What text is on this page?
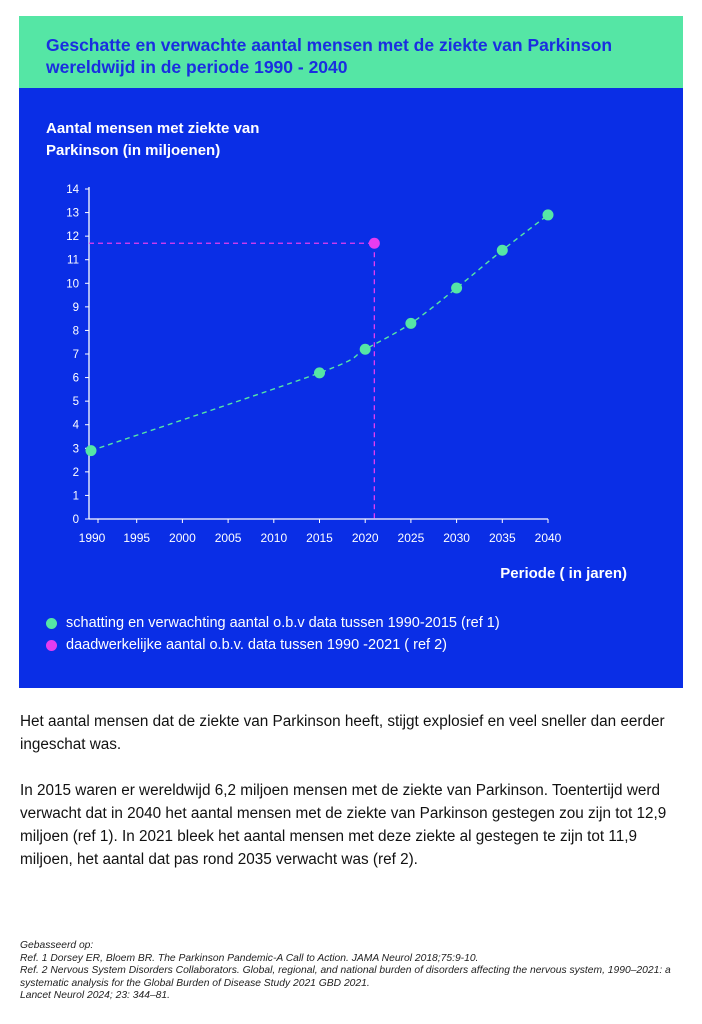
Geschatte en verwachte aantal mensen met de ziekte van Parkinson wereldwijd in de periode 1990 - 2040
Aantal mensen met ziekte van Parkinson (in miljoenen)
0
1
2
3
4
5
6
7
8
9
10
11
12
13
14
1990 1995 2000 2005 2010 2015 2020 2025 2030 2035 2040
Periode ( in jaren)
schatting en verwachting aantal o.b.v data tussen 1990-2015 (ref 1)
daadwerkelijke aantal o.b.v. data tussen 1990 -2021 ( ref 2)

Het aantal mensen dat de ziekte van Parkinson heeft, stijgt explosief en veel sneller dan eerder ingeschat was.

In 2015 waren er wereldwijd 6,2 miljoen mensen met de ziekte van Parkinson. Toentertijd werd verwacht dat in 2040 het aantal mensen met de ziekte van Parkinson gestegen zou zijn tot 12,9 miljoen (ref 1). In 2021 bleek het aantal mensen met deze ziekte al gestegen te zijn tot 11,9 miljoen, het aantal dat pas rond 2035 verwacht was (ref 2).

Gebasseerd op:
Ref. 1 Dorsey ER, Bloem BR. The Parkinson Pandemic-A Call to Action. JAMA Neurol 2018;75:9-10.
Ref. 2 Nervous System Disorders Collaborators. Global, regional, and national burden of disorders affecting the nervous system, 1990–2021: a systematic analysis for the Global Burden of Disease Study 2021 GBD 2021.
Lancet Neurol 2024; 23: 344–81.
